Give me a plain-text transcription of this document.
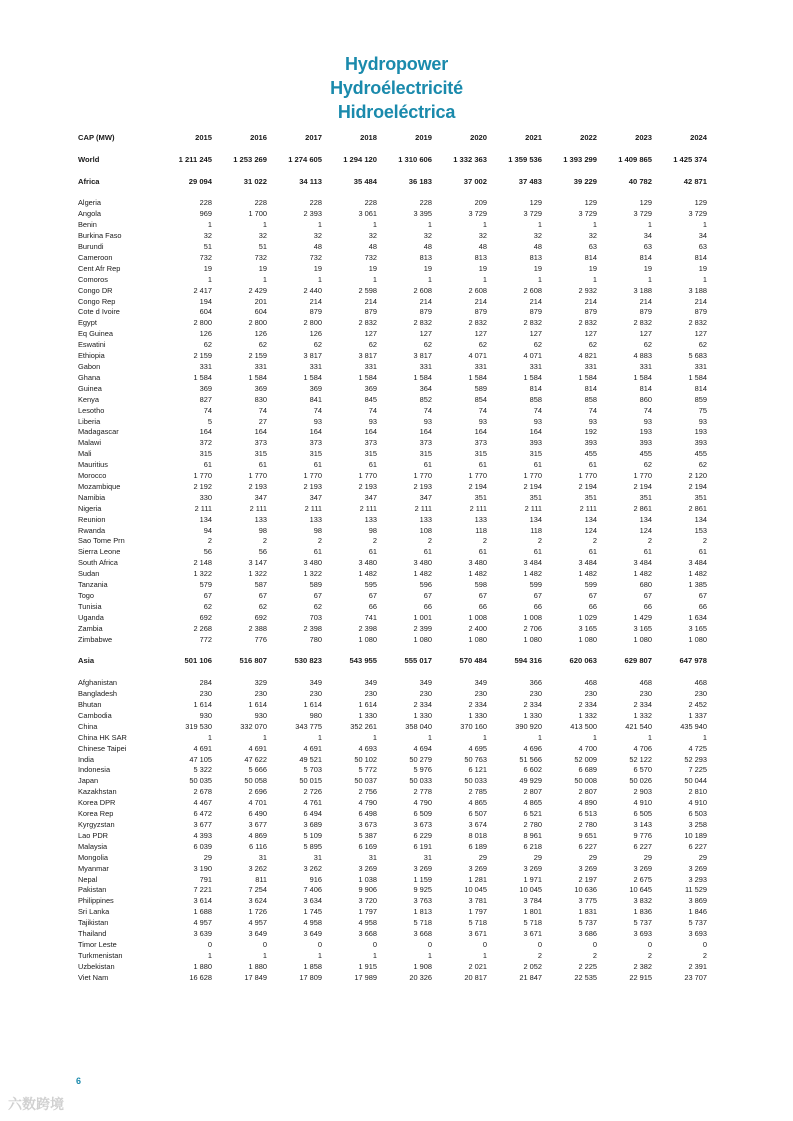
Hydropower
Hydroélectricité
Hidroeléctrica
CAP (MW)	2015	2016	2017	2018	2019	2020	2021	2022	2023	2024

World	1 211 245	1 253 269	1 274 605	1 294 120	1 310 606	1 332 363	1 359 536	1 393 299	1 409 865	1 425 374

Africa	29 094	31 022	34 113	35 484	36 183	37 002	37 483	39 229	40 782	42 871

Algeria	228	228	228	228	228	209	129	129	129	129
Angola	969	1 700	2 393	3 061	3 395	3 729	3 729	3 729	3 729	3 729
Benin	1	1	1	1	1	1	1	1	1	1
Burkina Faso	32	32	32	32	32	32	32	32	34	34
Burundi	51	51	48	48	48	48	48	63	63	63
Cameroon	732	732	732	732	813	813	813	814	814	814
Cent Afr Rep	19	19	19	19	19	19	19	19	19	19
Comoros	1	1	1	1	1	1	1	1	1	1
Congo DR	2 417	2 429	2 440	2 598	2 608	2 608	2 608	2 932	3 188	3 188
Congo Rep	194	201	214	214	214	214	214	214	214	214
Cote d Ivoire	604	604	879	879	879	879	879	879	879	879
Egypt	2 800	2 800	2 800	2 832	2 832	2 832	2 832	2 832	2 832	2 832
Eq Guinea	126	126	126	127	127	127	127	127	127	127
Eswatini	62	62	62	62	62	62	62	62	62	62
Ethiopia	2 159	2 159	3 817	3 817	3 817	4 071	4 071	4 821	4 883	5 683
Gabon	331	331	331	331	331	331	331	331	331	331
Ghana	1 584	1 584	1 584	1 584	1 584	1 584	1 584	1 584	1 584	1 584
Guinea	369	369	369	369	364	589	814	814	814	814
Kenya	827	830	841	845	852	854	858	858	860	859
Lesotho	74	74	74	74	74	74	74	74	74	75
Liberia	5	27	93	93	93	93	93	93	93	93
Madagascar	164	164	164	164	164	164	164	192	193	193
Malawi	372	373	373	373	373	373	393	393	393	393
Mali	315	315	315	315	315	315	315	455	455	455
Mauritius	61	61	61	61	61	61	61	61	62	62
Morocco	1 770	1 770	1 770	1 770	1 770	1 770	1 770	1 770	1 770	2 120
Mozambique	2 192	2 193	2 193	2 193	2 193	2 194	2 194	2 194	2 194	2 194
Namibia	330	347	347	347	347	351	351	351	351	351
Nigeria	2 111	2 111	2 111	2 111	2 111	2 111	2 111	2 111	2 861	2 861
Reunion	134	133	133	133	133	133	134	134	134	134
Rwanda	94	98	98	98	108	118	118	124	124	153
Sao Tome Prn	2	2	2	2	2	2	2	2	2	2
Sierra Leone	56	56	61	61	61	61	61	61	61	61
South Africa	2 148	3 147	3 480	3 480	3 480	3 480	3 484	3 484	3 484	3 484
Sudan	1 322	1 322	1 322	1 482	1 482	1 482	1 482	1 482	1 482	1 482
Tanzania	579	587	589	595	596	598	599	599	680	1 385
Togo	67	67	67	67	67	67	67	67	67	67
Tunisia	62	62	62	66	66	66	66	66	66	66
Uganda	692	692	703	741	1 001	1 008	1 008	1 029	1 429	1 634
Zambia	2 268	2 388	2 398	2 398	2 399	2 400	2 706	3 165	3 165	3 165
Zimbabwe	772	776	780	1 080	1 080	1 080	1 080	1 080	1 080	1 080

Asia	501 106	516 807	530 823	543 955	555 017	570 484	594 316	620 063	629 807	647 978

Afghanistan	284	329	349	349	349	349	366	468	468	468
Bangladesh	230	230	230	230	230	230	230	230	230	230
Bhutan	1 614	1 614	1 614	1 614	2 334	2 334	2 334	2 334	2 334	2 452
Cambodia	930	930	980	1 330	1 330	1 330	1 330	1 332	1 332	1 337
China	319 530	332 070	343 775	352 261	358 040	370 160	390 920	413 500	421 540	435 940
China HK SAR	1	1	1	1	1	1	1	1	1	1
Chinese Taipei	4 691	4 691	4 691	4 693	4 694	4 695	4 696	4 700	4 706	4 725
India	47 105	47 622	49 521	50 102	50 279	50 763	51 566	52 009	52 122	52 293
Indonesia	5 322	5 666	5 703	5 772	5 976	6 121	6 602	6 689	6 570	7 225
Japan	50 035	50 058	50 015	50 037	50 033	50 033	49 929	50 008	50 026	50 044
Kazakhstan	2 678	2 696	2 726	2 756	2 778	2 785	2 807	2 807	2 903	2 810
Korea DPR	4 467	4 701	4 761	4 790	4 790	4 865	4 865	4 890	4 910	4 910
Korea Rep	6 472	6 490	6 494	6 498	6 509	6 507	6 521	6 513	6 505	6 503
Kyrgyzstan	3 677	3 677	3 689	3 673	3 673	3 674	2 780	2 780	3 143	3 258
Lao PDR	4 393	4 869	5 109	5 387	6 229	8 018	8 961	9 651	9 776	10 189
Malaysia	6 039	6 116	5 895	6 169	6 191	6 189	6 218	6 227	6 227	6 227
Mongolia	29	31	31	31	31	29	29	29	29	29
Myanmar	3 190	3 262	3 262	3 269	3 269	3 269	3 269	3 269	3 269	3 269
Nepal	791	811	916	1 038	1 159	1 281	1 971	2 197	2 675	3 293
Pakistan	7 221	7 254	7 406	9 906	9 925	10 045	10 045	10 636	10 645	11 529
Philippines	3 614	3 624	3 634	3 720	3 763	3 781	3 784	3 775	3 832	3 869
Sri Lanka	1 688	1 726	1 745	1 797	1 813	1 797	1 801	1 831	1 836	1 846
Tajikistan	4 957	4 957	4 958	4 958	5 718	5 718	5 718	5 737	5 737	5 737
Thailand	3 639	3 649	3 649	3 668	3 668	3 671	3 671	3 686	3 693	3 693
Timor Leste	0	0	0	0	0	0	0	0	0	0
Turkmenistan	1	1	1	1	1	1	2	2	2	2
Uzbekistan	1 880	1 880	1 858	1 915	1 908	2 021	2 052	2 225	2 382	2 391
Viet Nam	16 628	17 849	17 809	17 989	20 326	20 817	21 847	22 535	22 915	23 707

6
六数跨境
